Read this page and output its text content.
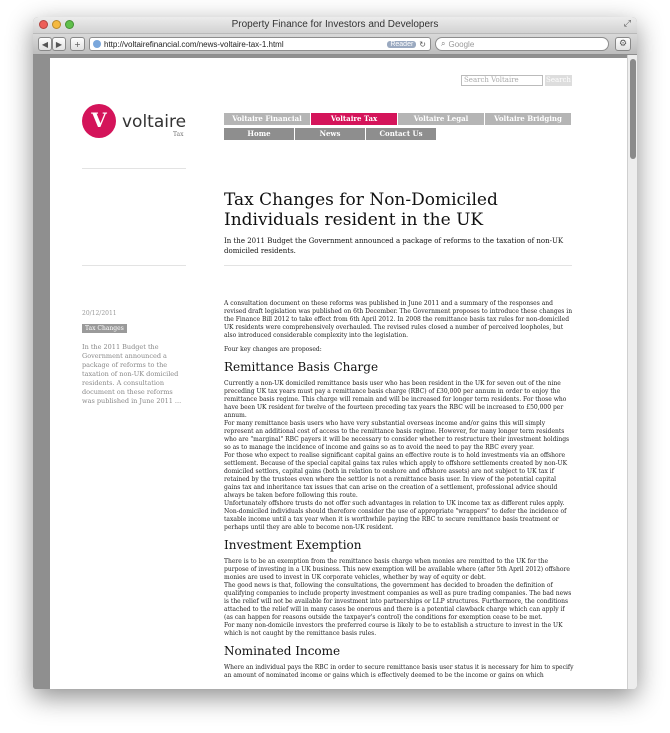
Property Finance for Investors and Developers	⤢
◀ ▶	+	http://voltairefinancial.com/news-voltaire-tax-1.html	Reader ↻ ⌕ Google	⚙
Search Voltaire	Search
V voltaire
Tax
Voltaire Financial	Voltaire Tax	Voltaire Legal	Voltaire Bridging
Home	News	Contact Us
Tax Changes for Non-Domiciled Individuals resident in the UK
In the 2011 Budget the Government announced a package of reforms to the taxation of non-UK domiciled residents.
20/12/2011
Tax Changes
In the 2011 Budget the Government announced a package of reforms to the taxation of non-UK domiciled residents. A consultation document on these reforms was published in June 2011 ...

A consultation document on these reforms was published in June 2011 and a summary of the responses and revised draft legislation was published on 6th December. The Government proposes to introduce these changes in the Finance Bill 2012 to take effect from 6th April 2012. In 2008 the remittance basis tax rules for non-domiciled UK residents were comprehensively overhauled. The revised rules closed a number of perceived loopholes, but also introduced considerable complexity into the legislation.

Four key changes are proposed:

Remittance Basis Charge

Currently a non-UK domiciled remittance basis user who has been resident in the UK for seven out of the nine preceding UK tax years must pay a remittance basis charge (RBC) of £30,000 per annum in order to enjoy the remittance basis regime. This charge will remain and will be increased for longer term residents. For those who have been UK resident for twelve of the fourteen preceding tax years the RBC will be increased to £50,000 per annum.

For many remittance basis users who have very substantial overseas income and/or gains this will simply represent an additional cost of access to the remittance basis regime. However, for many longer term residents who are "marginal" RBC payers it will be necessary to consider whether to restructure their investment holdings so as to manage the incidence of income and gains so as to avoid the need to pay the RBC every year.

For those who expect to realise significant capital gains an effective route is to hold investments via an offshore settlement. Because of the special capital gains tax rules which apply to offshore settlements created by non-UK domiciled settlors, capital gains (both in relation to onshore and offshore assets) are not subject to UK tax if retained by the trustees even where the settlor is not a remittance basis user. In view of the potential capital gains tax and inheritance tax issues that can arise on the creation of a settlement, professional advice should always be taken before following this route.

Unfortunately offshore trusts do not offer such advantages in relation to UK income tax as different rules apply. Non-domiciled individuals should therefore consider the use of appropriate "wrappers" to defer the incidence of taxable income until a tax year when it is worthwhile paying the RBC to secure remittance basis treatment or perhaps until they are able to become non-UK resident.

Investment Exemption

There is to be an exemption from the remittance basis charge when monies are remitted to the UK for the purpose of investing in a UK business. This new exemption will be available where (after 5th April 2012) offshore monies are used to invest in UK corporate vehicles, whether by way of equity or debt.

The good news is that, following the consultations, the government has decided to broaden the definition of qualifying companies to include property investment companies as well as pure trading companies. The bad news is the relief will not be available for investment into partnerships or LLP structures. Furthermore, the conditions attached to the relief will in many cases be onerous and there is a potential clawback charge which can apply if (as can happen for reasons outside the taxpayer's control) the conditions for exemption cease to be met.

For many non-domicile investors the preferred course is likely to be to establish a structure to invest in the UK which is not caught by the remittance basis rules.

Nominated Income

Where an individual pays the RBC in order to secure remittance basis user status it is necessary for him to specify an amount of nominated income or gains which is effectively deemed to be the income or gains on which
